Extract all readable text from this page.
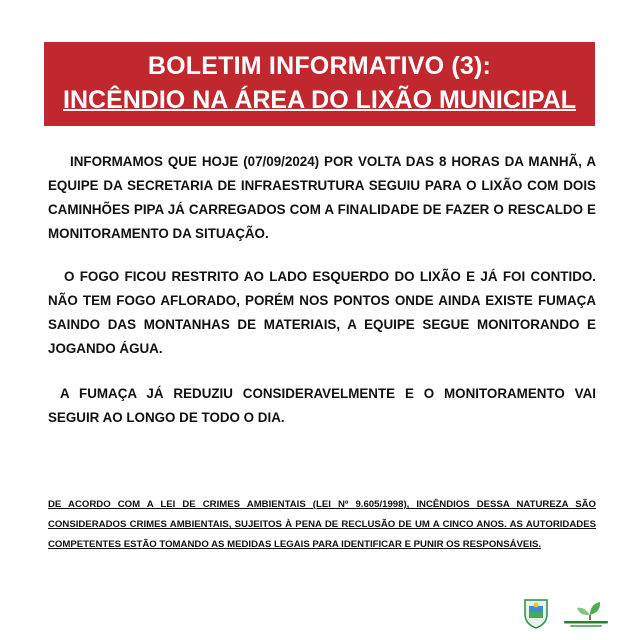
BOLETIM INFORMATIVO (3):
INCÊNDIO NA ÁREA DO LIXÃO MUNICIPAL
INFORMAMOS QUE HOJE (07/09/2024) POR VOLTA DAS 8 HORAS DA MANHÃ, A EQUIPE DA SECRETARIA DE INFRAESTRUTURA SEGUIU PARA O LIXÃO COM DOIS CAMINHÕES PIPA JÁ CARREGADOS COM A FINALIDADE DE FAZER O RESCALDO E MONITORAMENTO DA SITUAÇÃO.
O FOGO FICOU RESTRITO AO LADO ESQUERDO DO LIXÃO E JÁ FOI CONTIDO. NÃO TEM FOGO AFLORADO, PORÉM NOS PONTOS ONDE AINDA EXISTE FUMAÇA SAINDO DAS MONTANHAS DE MATERIAIS, A EQUIPE SEGUE MONITORANDO E JOGANDO ÁGUA.
A FUMAÇA JÁ REDUZIU CONSIDERAVELMENTE E O MONITORAMENTO VAI SEGUIR AO LONGO DE TODO O DIA.
DE ACORDO COM A LEI DE CRIMES AMBIENTAIS (LEI Nº 9.605/1998), INCÊNDIOS DESSA NATUREZA SÃO CONSIDERADOS CRIMES AMBIENTAIS, SUJEITOS À PENA DE RECLUSÃO DE UM A CINCO ANOS. AS AUTORIDADES COMPETENTES ESTÃO TOMANDO AS MEDIDAS LEGAIS PARA IDENTIFICAR E PUNIR OS RESPONSÁVEIS.
